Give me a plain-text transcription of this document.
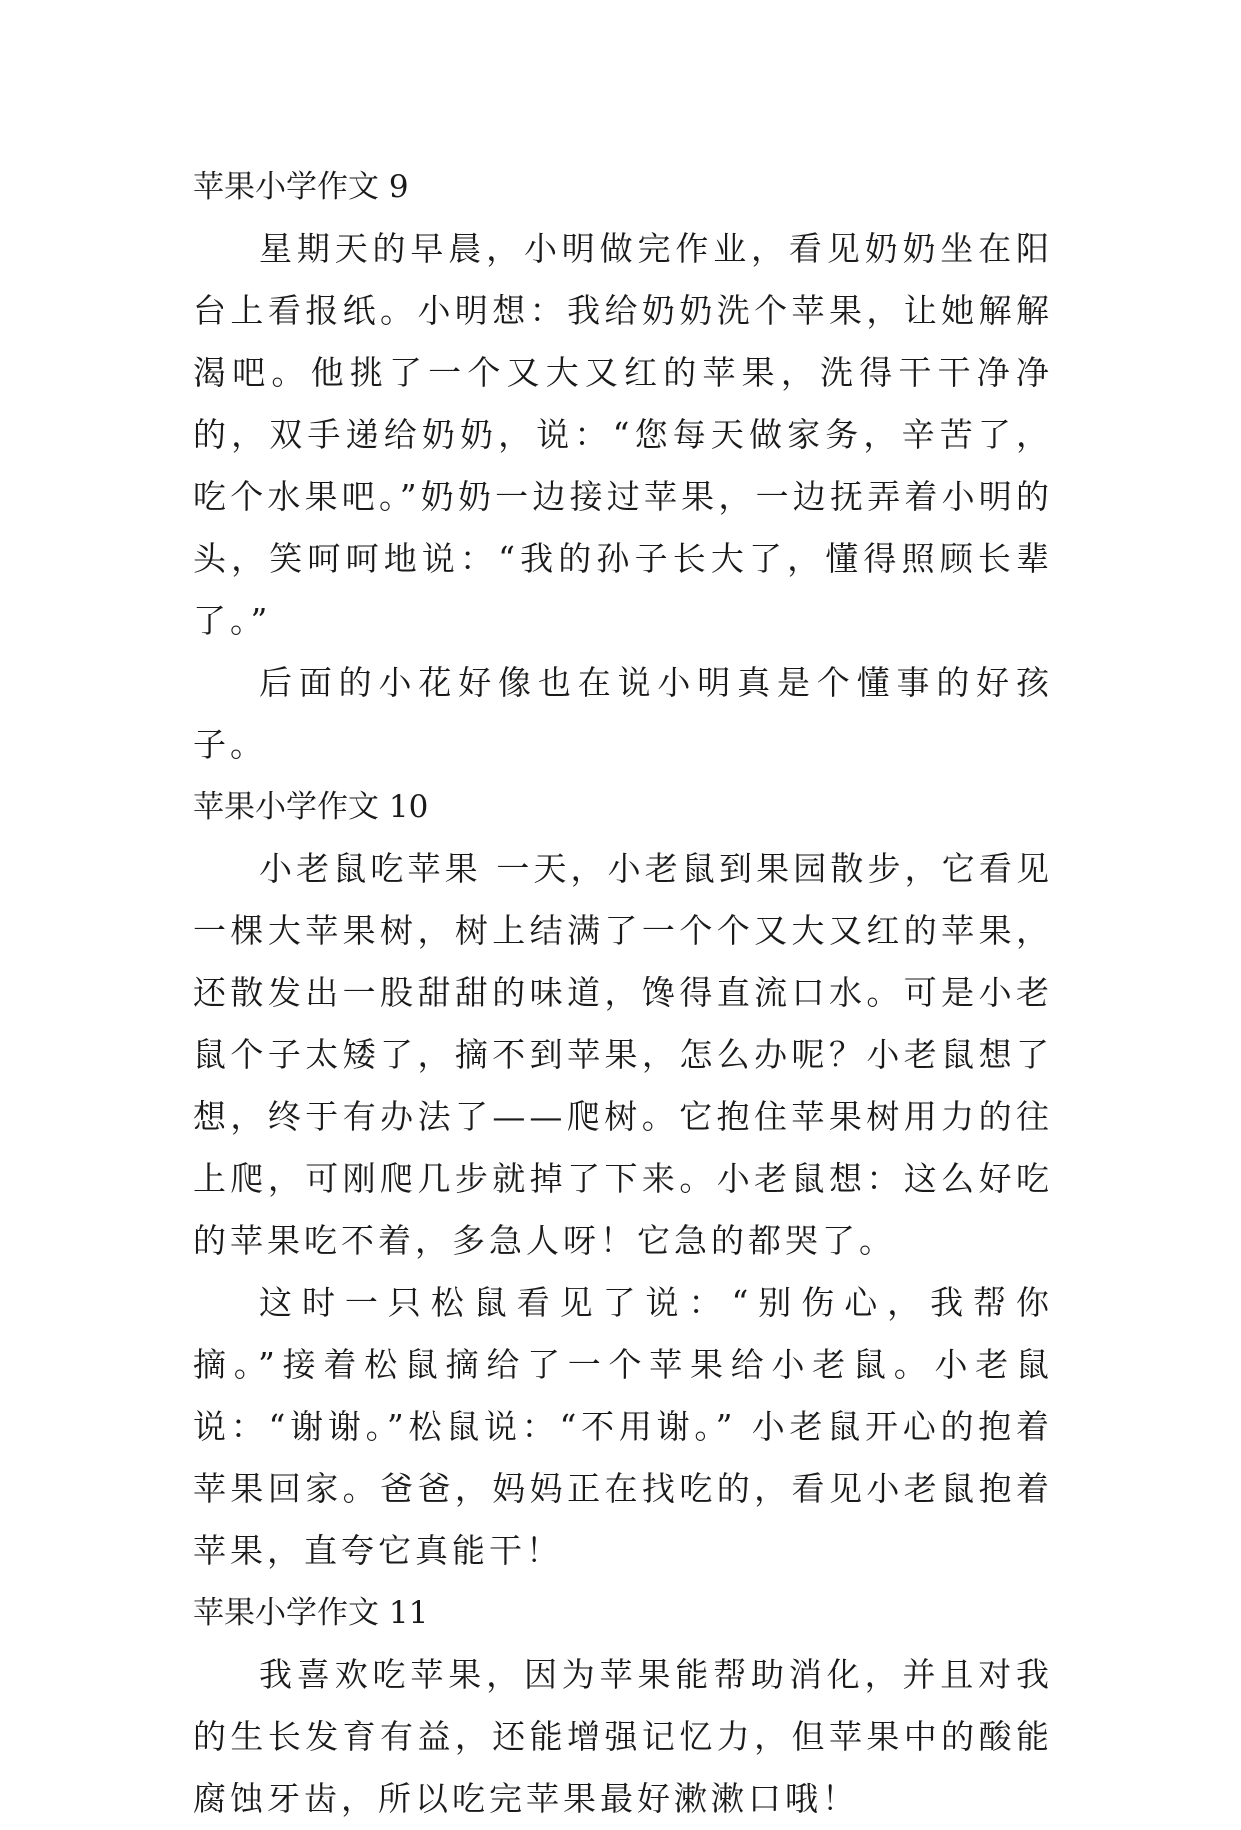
苹果小学作文 9

星期天的早晨，小明做完作业，看见奶奶坐在阳台上看报纸。小明想：我给奶奶洗个苹果，让她解解渴吧。他挑了一个又大又红的苹果，洗得干干净净的，双手递给奶奶，说：“您每天做家务，辛苦了，吃个水果吧。”奶奶一边接过苹果，一边抚弄着小明的头，笑呵呵地说：“我的孙子长大了，懂得照顾长辈了。”

后面的小花好像也在说小明真是个懂事的好孩子。

苹果小学作文 10

小老鼠吃苹果 一天，小老鼠到果园散步，它看见一棵大苹果树，树上结满了一个个又大又红的苹果，还散发出一股甜甜的味道，馋得直流口水。可是小老鼠个子太矮了，摘不到苹果，怎么办呢？小老鼠想了想，终于有办法了——爬树。它抱住苹果树用力的往上爬，可刚爬几步就掉了下来。小老鼠想：这么好吃的苹果吃不着，多急人呀！它急的都哭了。

这时一只松鼠看见了说：“别伤心，我帮你摘。”接着松鼠摘给了一个苹果给小老鼠。小老鼠说：“谢谢。”松鼠说：“不用谢。” 小老鼠开心的抱着苹果回家。爸爸，妈妈正在找吃的，看见小老鼠抱着苹果，直夸它真能干！

苹果小学作文 11

我喜欢吃苹果，因为苹果能帮助消化，并且对我的生长发育有益，还能增强记忆力，但苹果中的酸能腐蚀牙齿，所以吃完苹果最好漱漱口哦！
